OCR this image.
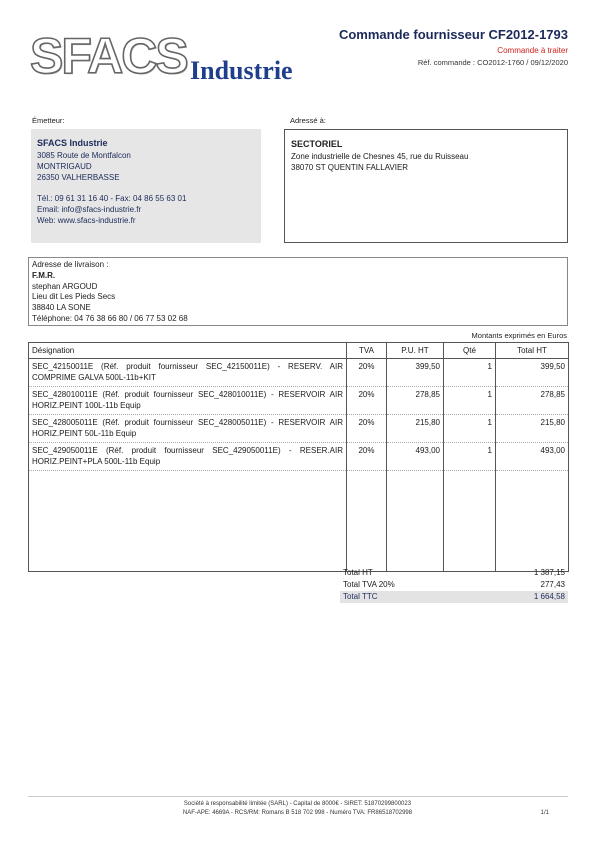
SFACS Industrie
Commande fournisseur CF2012-1793
Commande à traiter
Réf. commande : CO2012-1760 / 09/12/2020
Émetteur:	Adressé à:
SFACS Industrie
3085 Route de Montfalcon
MONTRIGAUD
26350 VALHERBASSE
Tél.: 09 61 31 16 40 - Fax: 04 86 55 63 01
Email: info@sfacs-industrie.fr
Web: www.sfacs-industrie.fr
SECTORIEL
Zone industrielle de Chesnes 45, rue du Ruisseau
38070 ST QUENTIN FALLAVIER
Adresse de livraison :
F.M.R.
stephan ARGOUD
Lieu dit Les Pieds Secs
38840 LA SONE
Téléphone: 04 76 38 66 80 / 06 77 53 02 68
Montants exprimés en Euros
Désignation	TVA	P.U. HT	Qté	Total HT
SEC_42150011E (Réf. produit fournisseur SEC_42150011E) - RESERV. AIR COMPRIME GALVA 500L-11b+KIT	20%	399,50	1	399,50
SEC_428010011E (Réf. produit fournisseur SEC_428010011E) - RESERVOIR AIR HORIZ.PEINT 100L-11b Equip	20%	278,85	1	278,85
SEC_428005011E (Réf. produit fournisseur SEC_428005011E) - RESERVOIR AIR HORIZ.PEINT 50L-11b Equip	20%	215,80	1	215,80
SEC_429050011E (Réf. produit fournisseur SEC_429050011E) - RESER.AIR HORIZ.PEINT+PLA 500L-11b Equip	20%	493,00	1	493,00

Total HT	1 387,15
Total TVA 20%	277,43
Total TTC	1 664,58
Société à responsabilité limitée (SARL) - Capital de 8000€ - SIRET: 51870299800023
NAF-APE: 4669A - RCS/RM: Romans B 518 702 998 - Numéro TVA: FR86518702998	1/1
